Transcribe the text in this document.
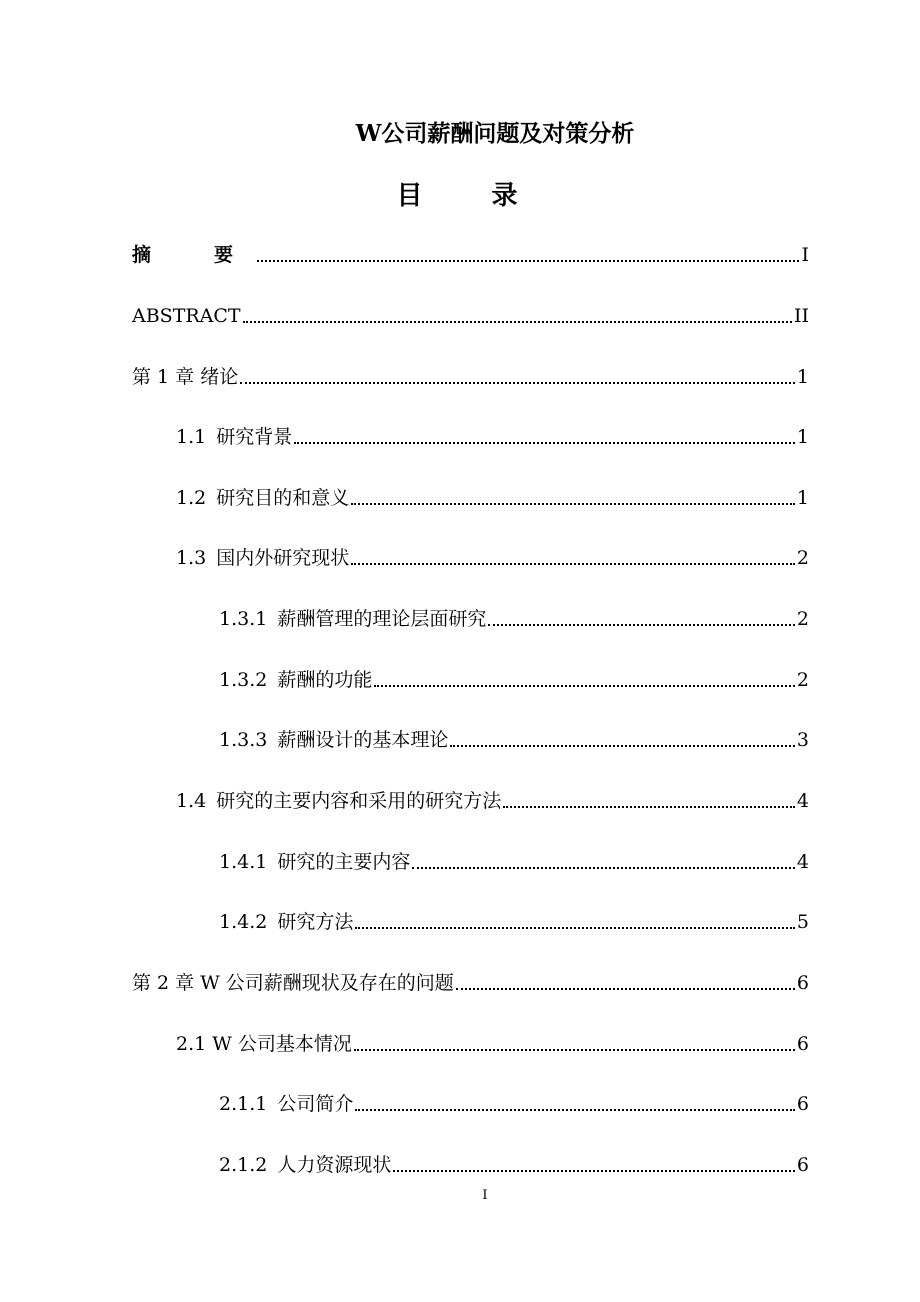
W公司薪酬问题及对策分析
目 录
摘　要	I
ABSTRACT	II
第 1 章 绪论	1
1.1 研究背景	1
1.2 研究目的和意义	1
1.3 国内外研究现状	2
1.3.1 薪酬管理的理论层面研究	2
1.3.2 薪酬的功能	2
1.3.3 薪酬设计的基本理论	3
1.4 研究的主要内容和采用的研究方法	4
1.4.1 研究的主要内容	4
1.4.2 研究方法	5
第 2 章 W 公司薪酬现状及存在的问题	6
2.1 W 公司基本情况	6
2.1.1 公司简介	6
2.1.2 人力资源现状	6
I
